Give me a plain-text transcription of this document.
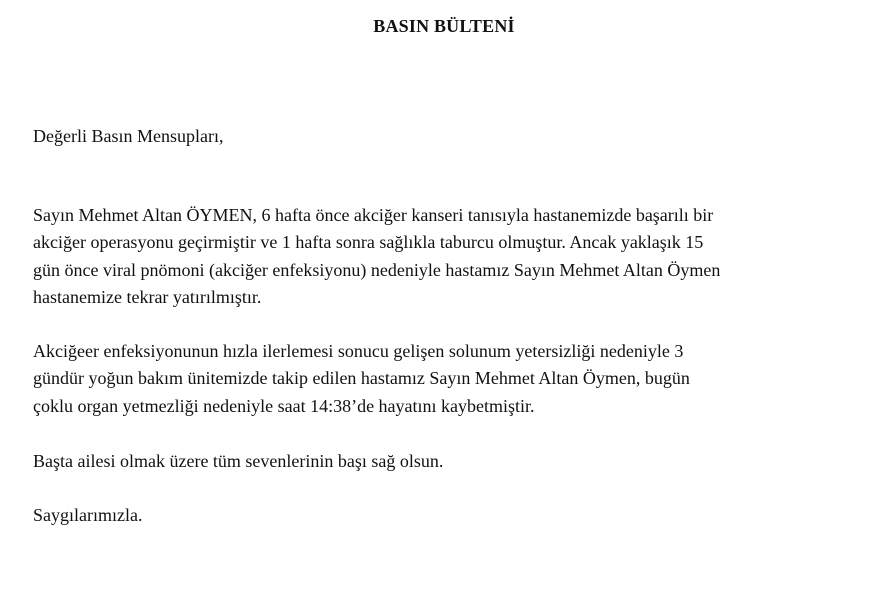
BASIN BÜLTENİ

Değerli Basın Mensupları,

Sayın Mehmet Altan ÖYMEN, 6 hafta önce akciğer kanseri tanısıyla hastanemizde başarılı bir
akciğer operasyonu geçirmiştir ve 1 hafta sonra sağlıkla taburcu olmuştur. Ancak yaklaşık 15
gün önce viral pnömoni (akciğer enfeksiyonu) nedeniyle hastamız Sayın Mehmet Altan Öymen
hastanemize tekrar yatırılmıştır.

Akciğeer enfeksiyonunun hızla ilerlemesi sonucu gelişen solunum yetersizliği nedeniyle 3
gündür yoğun bakım ünitemizde takip edilen hastamız Sayın Mehmet Altan Öymen, bugün
çoklu organ yetmezliği nedeniyle saat 14:38’de hayatını kaybetmiştir.

Başta ailesi olmak üzere tüm sevenlerinin başı sağ olsun.

Saygılarımızla.
